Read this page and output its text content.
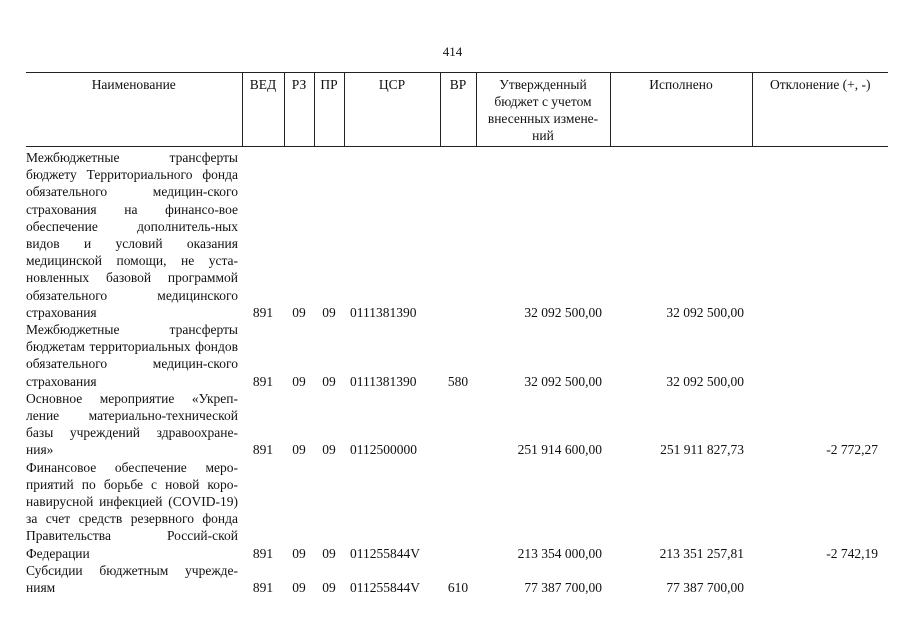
414
Наименование	ВЕД	РЗ	ПР	ЦСР	ВР	Утвержденный бюджет с учетом внесенных измене-ний	Исполнено	Отклонение (+, -)
Межбюджетные трансферты бюджету Территориального фонда обязательного медицин-ского страхования на финансо-вое обеспечение дополнитель-ных видов и условий оказания медицинской помощи, не уста-новленных базовой программой обязательного медицинского страхования	891	09	09	0111381390		32 092 500,00	32 092 500,00	
Межбюджетные трансферты бюджетам территориальных фондов обязательного медицин-ского страхования	891	09	09	0111381390	580	32 092 500,00	32 092 500,00	
Основное мероприятие «Укреп-ление материально-технической базы учреждений здравоохране-ния»	891	09	09	0112500000		251 914 600,00	251 911 827,73	-2 772,27
Финансовое обеспечение меро-приятий по борьбе с новой коро-навирусной инфекцией (COVID-19) за счет средств резервного фонда Правительства Россий-ской Федерации	891	09	09	011255844V		213 354 000,00	213 351 257,81	-2 742,19
Субсидии бюджетным учрежде-ниям	891	09	09	011255844V	610	77 387 700,00	77 387 700,00	
